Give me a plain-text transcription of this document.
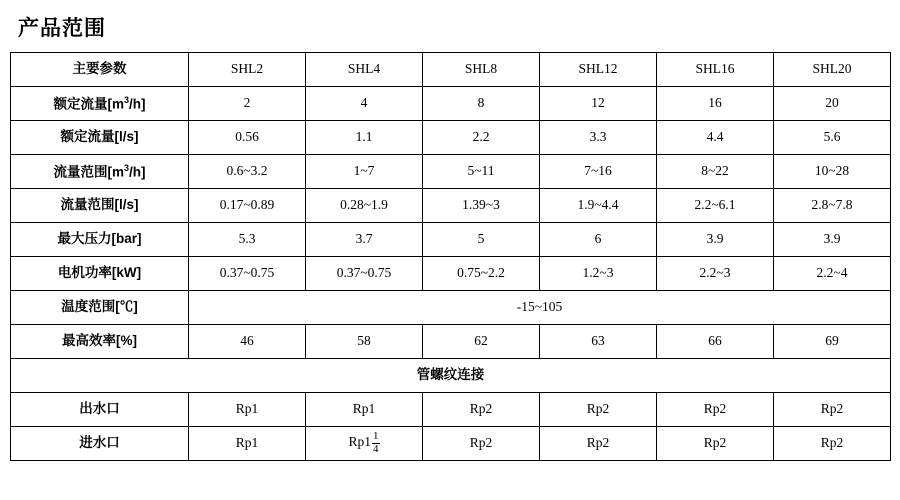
产品范围
主要参数	SHL2	SHL4	SHL8	SHL12	SHL16	SHL20
额定流量$[m^3/h]$	2	4	8	12	16	20
额定流量[l/s]	0.56	1.1	2.2	3.3	4.4	5.6
流量范围$[m^3/h]$	0.6~3.2	1~7	5~11	7~16	8~22	10~28
流量范围[l/s]	0.17~0.89	0.28~1.9	1.39~3	1.9~4.4	2.2~6.1	2.8~7.8
最大压力[bar]	5.3	3.7	5	6	3.9	3.9
电机功率[kW]	0.37~0.75	0.37~0.75	0.75~2.2	1.2~3	2.2~3	2.2~4
温度范围[℃]	-15~105					
最高效率[%]	46	58	62	63	66	69
管螺纹连接						
出水口	Rp1	Rp1	Rp2	Rp2	Rp2	Rp2
进水口	Rp1	$Rp1 \frac{1}{4}$	Rp2	Rp2	Rp2	Rp2
